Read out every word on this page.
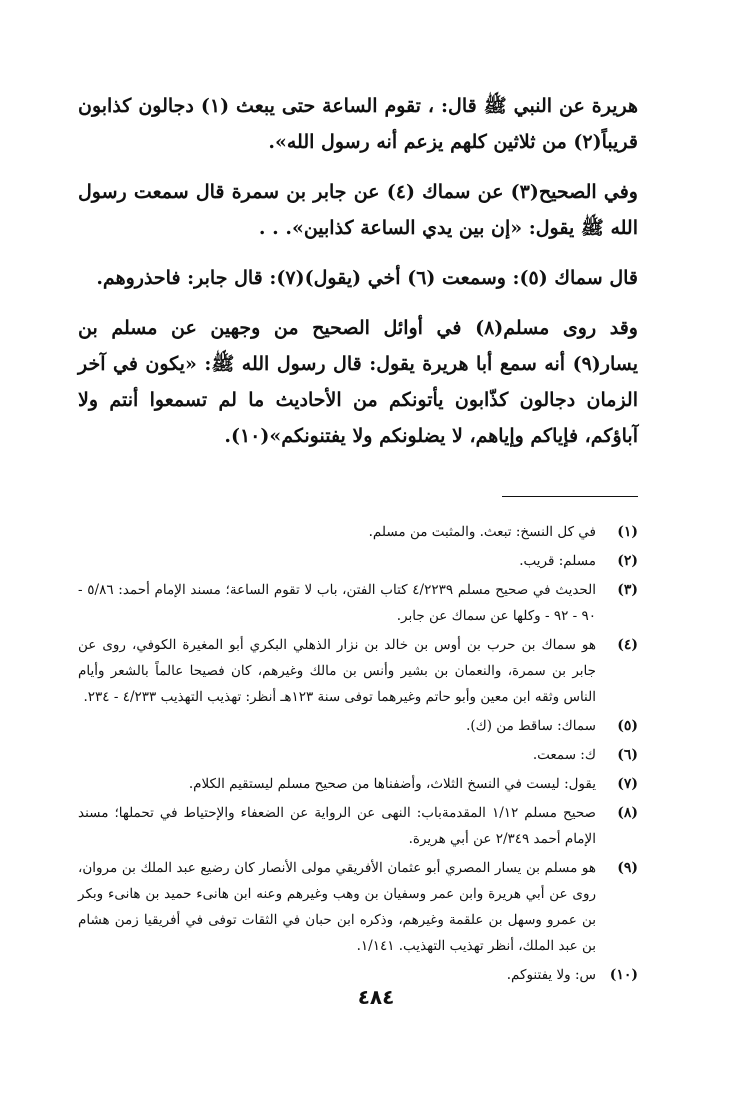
هريرة عن النبي ﷺ قال: ، تقوم الساعة حتى يبعث (١) دجالون كذابون قريباً(٢) من ثلاثين كلهم يزعم أنه رسول الله».

وفي الصحيح(٣) عن سماك (٤) عن جابر بن سمرة قال سمعت رسول الله ﷺ يقول: «إن بين يدي الساعة كذابين». . .

قال سماك (٥): وسمعت (٦) أخي (يقول)(٧): قال جابر: فاحذروهم.

وقد روى مسلم(٨) في أوائل الصحيح من وجهين عن مسلم بن يسار(٩) أنه سمع أبا هريرة يقول: قال رسول الله ﷺ: «يكون في آخر الزمان دجالون كذّابون يأتونكم من الأحاديث ما لم تسمعوا أنتم ولا آباؤكم، فإياكم وإياهم، لا يضلونكم ولا يفتنونكم»(١٠).

(١)
في كل النسخ: تبعث. والمثبت من مسلم.
(٢)
مسلم: قريب.
(٣)
الحديث في صحيح مسلم ٤/٢٢٣٩ كتاب الفتن، باب لا تقوم الساعة؛ مسند الإمام أحمد: ٥/٨٦ - ٩٠ - ٩٢ - وكلها عن سماك عن جابر.
(٤)
هو سماك بن حرب بن أوس بن خالد بن نزار الذهلي البكري أبو المغيرة الكوفي، روى عن جابر بن سمرة، والنعمان بن بشير وأنس بن مالك وغيرهم، كان فصيحا عالماً بالشعر وأيام الناس وثقه ابن معين وأبو حاتم وغيرهما توفى سنة ١٢٣هـ أنظر: تهذيب التهذيب ٤/٢٣٣ - ٢٣٤.
(٥)
سماك: ساقط من (ك).
(٦)
ك: سمعت.
(٧)
يقول: ليست في النسخ الثلاث، وأضفناها من صحيح مسلم ليستقيم الكلام.
(٨)
صحيح مسلم ١/١٢ المقدمةباب: النهى عن الرواية عن الضعفاء والإحتياط في تحملها؛ مسند الإمام أحمد ٢/٣٤٩ عن أبي هريرة.
(٩)
هو مسلم بن يسار المصري أبو عثمان الأفريقي مولى الأنصار كان رضيع عبد الملك بن مروان، روى عن أبي هريرة وابن عمر وسفيان بن وهب وغيرهم وعنه ابن هانىء حميد بن هانىء وبكر بن عمرو وسهل بن علقمة وغيرهم، وذكره ابن حبان في الثقات توفى في أفريقيا زمن هشام بن عبد الملك، أنظر تهذيب التهذيب. ١/١٤١.
(١٠)
س: ولا يفتنوكم.
٤٨٤
